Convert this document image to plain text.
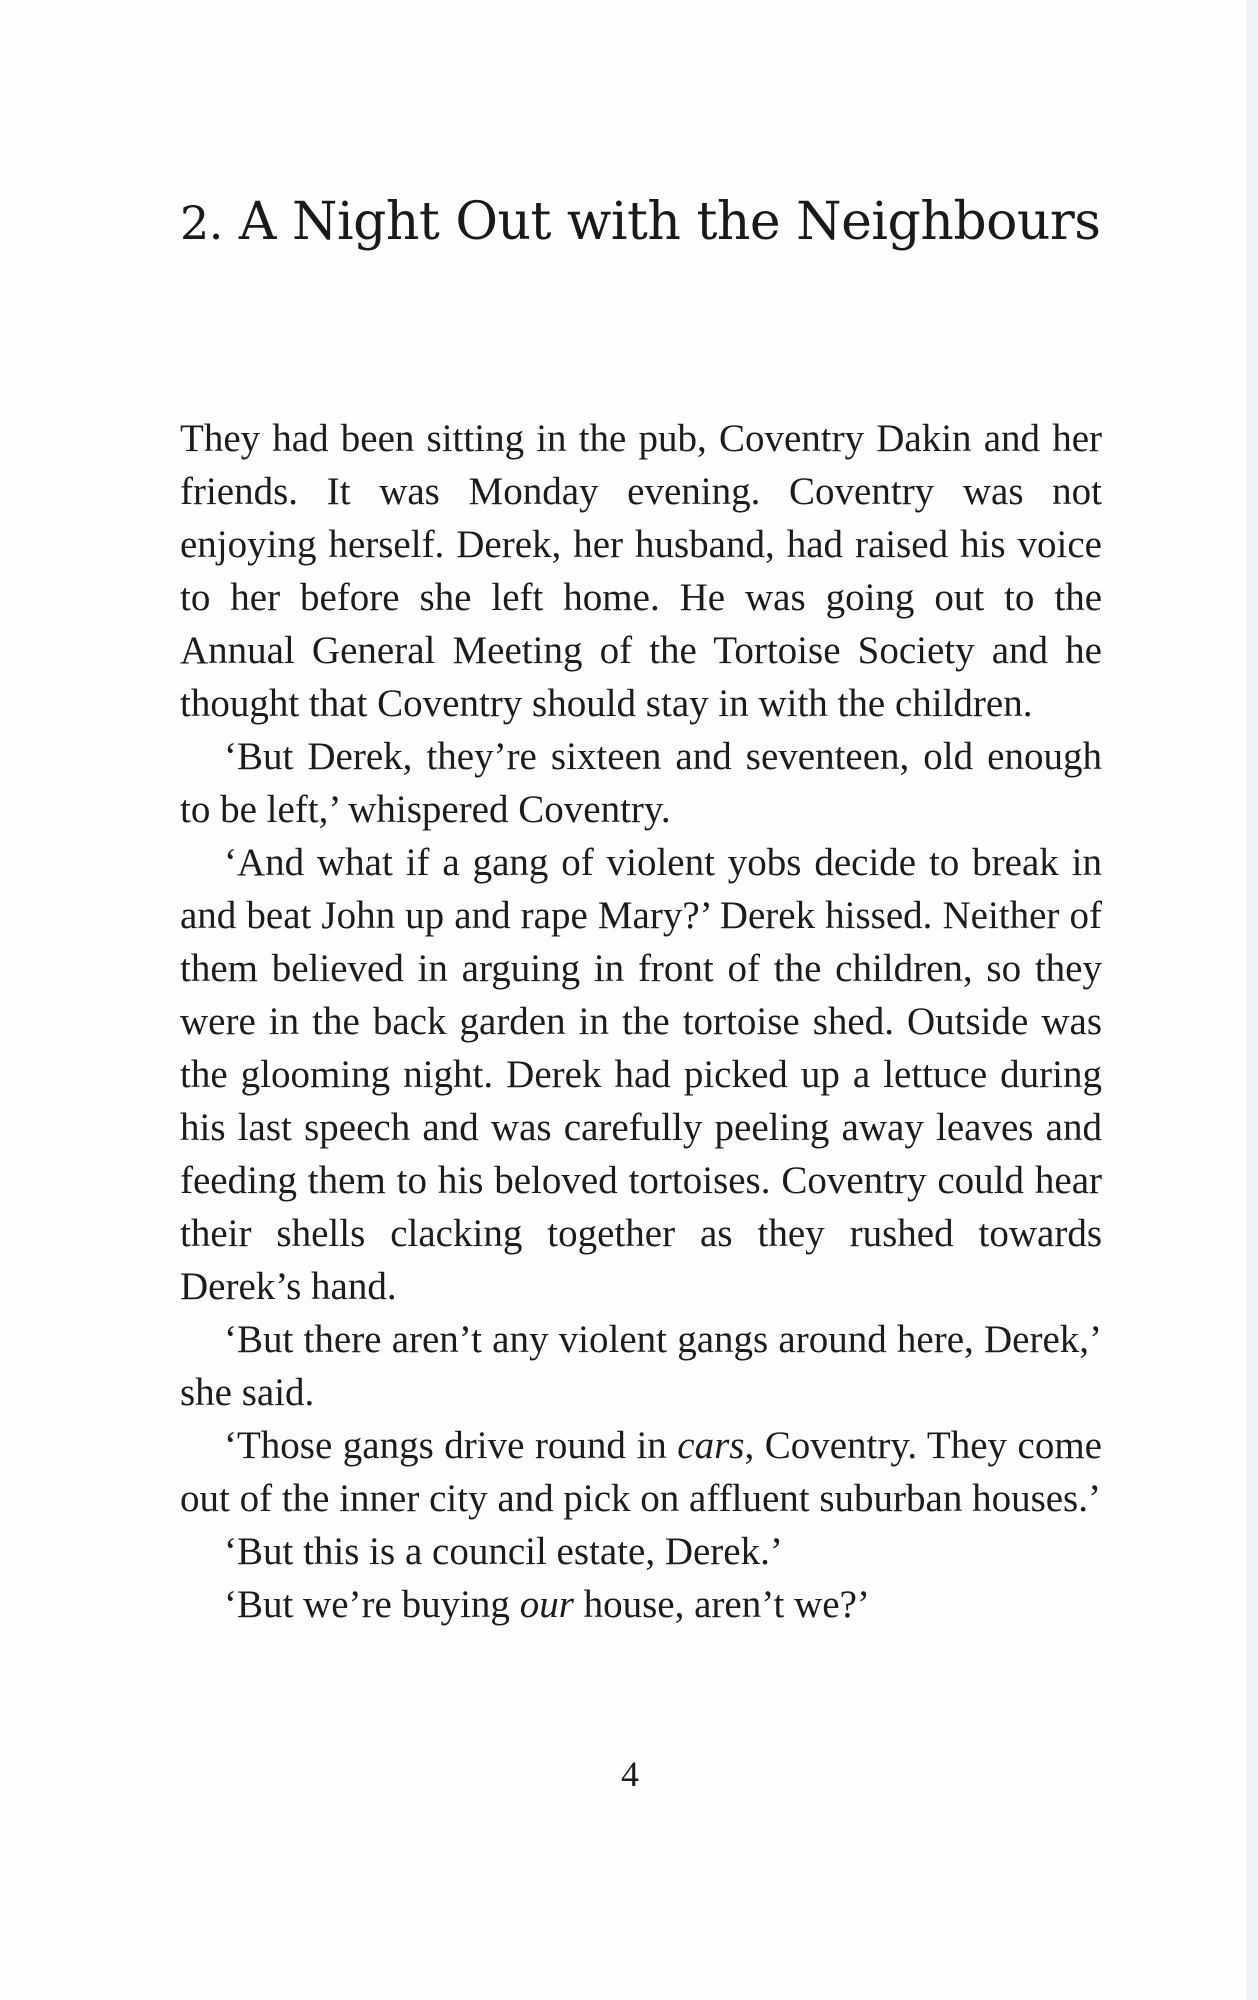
2. A Night Out with the Neighbours

They had been sitting in the pub, Coventry Dakin and her friends. It was Monday evening. Coventry was not enjoying herself. Derek, her husband, had raised his voice to her before she left home. He was going out to the Annual General Meeting of the Tortoise Society and he thought that Coventry should stay in with the children.

‘But Derek, they’re sixteen and seventeen, old enough to be left,’ whispered Coventry.

‘And what if a gang of violent yobs decide to break in and beat John up and rape Mary?’ Derek hissed. Neither of them believed in arguing in front of the children, so they were in the back garden in the tortoise shed. Outside was the glooming night. Derek had picked up a lettuce during his last speech and was carefully peeling away leaves and feeding them to his beloved tortoises. Coventry could hear their shells clacking together as they rushed towards Derek’s hand.

‘But there aren’t any violent gangs around here, Derek,’ she said.

‘Those gangs drive round in cars, Coventry. They come out of the inner city and pick on affluent suburban houses.’

‘But this is a council estate, Derek.’

‘But we’re buying our house, aren’t we?’

4
